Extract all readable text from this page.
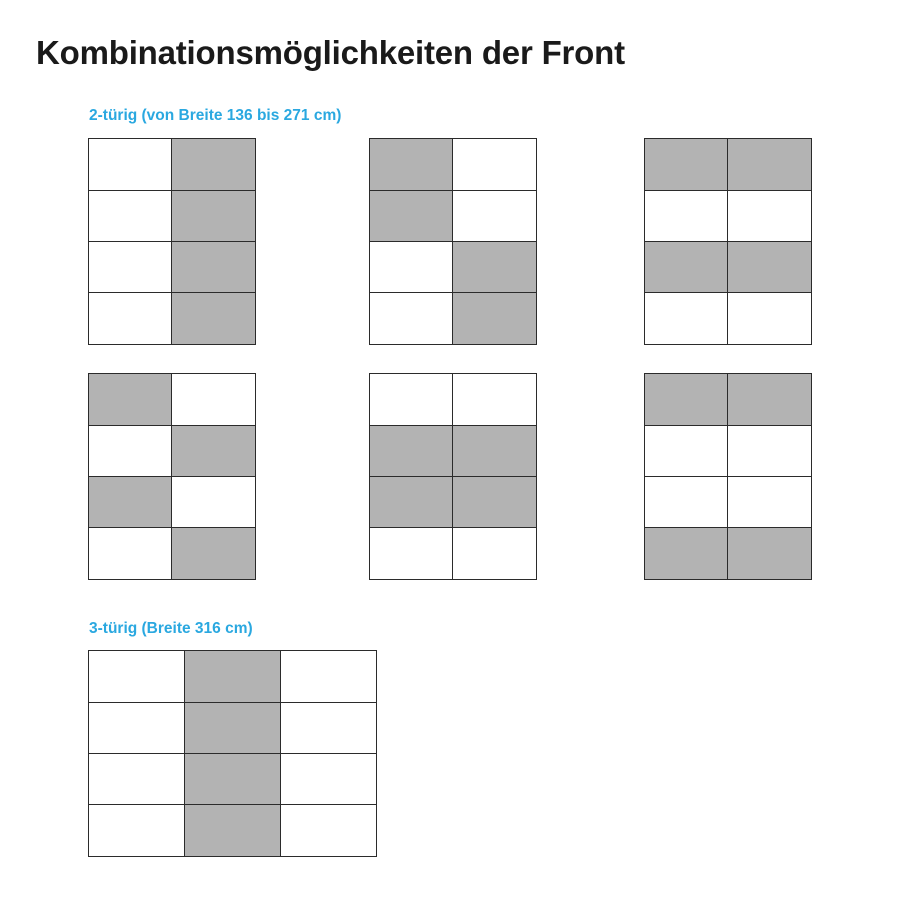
Kombinationsmöglichkeiten der Front
2-türig (von Breite 136 bis 271 cm)
3-türig (Breite 316 cm)
